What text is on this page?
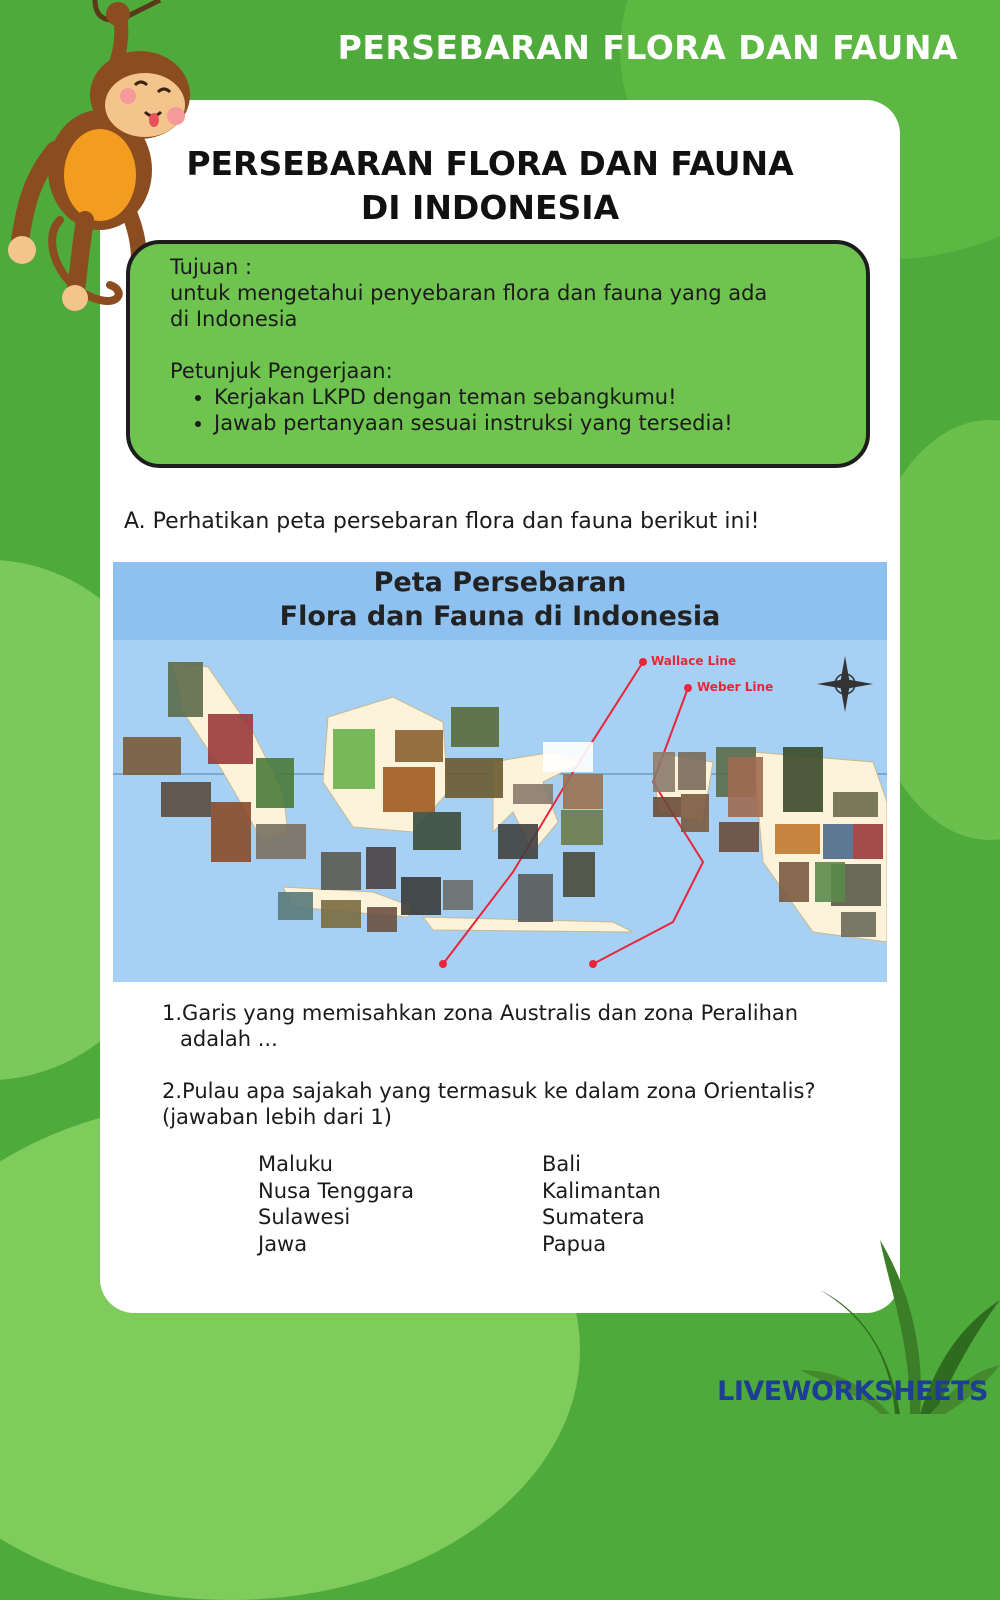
PERSEBARAN FLORA DAN FAUNA
PERSEBARAN FLORA DAN FAUNA
DI INDONESIA

Tujuan :

untuk mengetahui penyebaran flora dan fauna yang ada

di Indonesia

Petunjuk Pengerjaan:

• Kerjakan LKPD dengan teman sebangkumu!
• Jawab pertanyaan sesuai instruksi yang tersedia!
A. Perhatikan peta persebaran flora dan fauna berikut ini!
Wallace Line
Weber Line
Peta Persebaran
Flora dan Fauna di Indonesia

1.Garis yang memisahkan zona Australis dan zona Peralihan

adalah ...

2.Pulau apa sajakah yang termasuk ke dalam zona Orientalis?

(jawaban lebih dari 1)

Maluku
Nusa Tenggara
Sulawesi
Jawa
Bali
Kalimantan
Sumatera
Papua
LIVEWORKSHEETS
